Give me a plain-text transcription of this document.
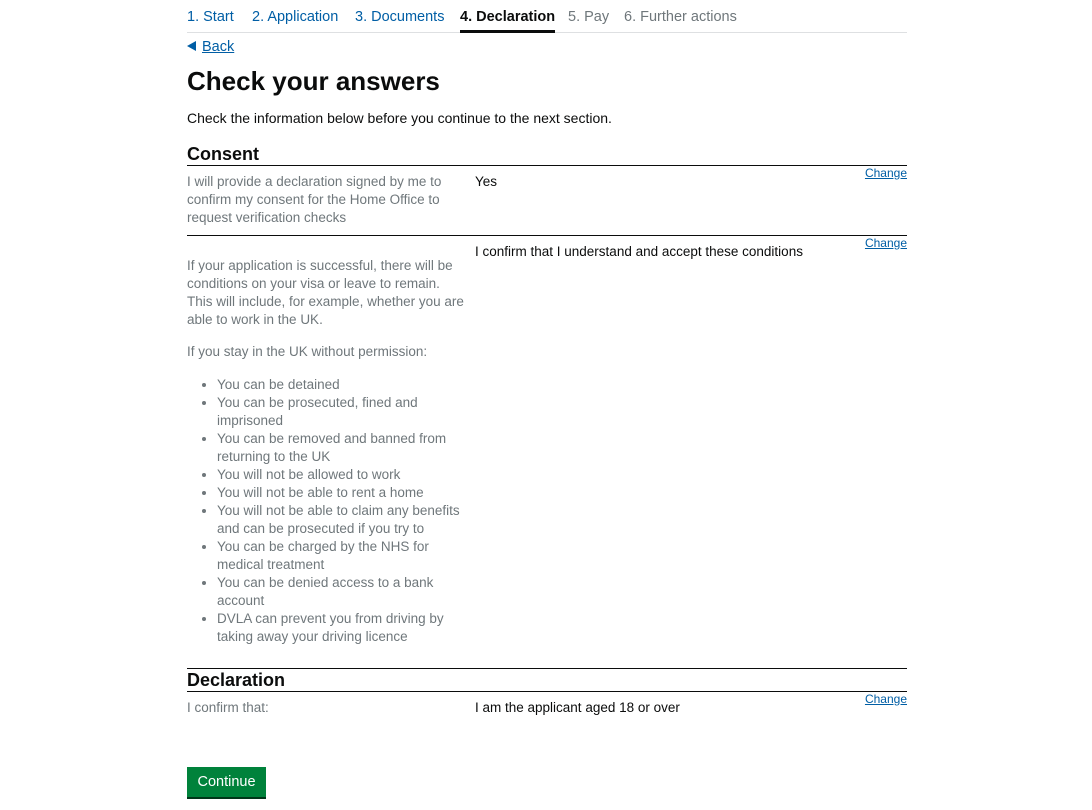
1. Start 2. Application 3. Documents 4. Declaration 5. Pay 6. Further actions
Back
Check your answers

Check the information below before you continue to the next section.

Consent
I will provide a declaration signed by me to confirm my consent for the Home Office to request verification checks
Yes
Change

If your application is successful, there will be conditions on your visa or leave to remain. This will include, for example, whether you are able to work in the UK.

If you stay in the UK without permission:

• You can be detained
• You can be prosecuted, fined and imprisoned
• You can be removed and banned from returning to the UK
• You will not be allowed to work
• You will not be able to rent a home
• You will not be able to claim any benefits and can be prosecuted if you try to
• You can be charged by the NHS for medical treatment
• You can be denied access to a bank account
• DVLA can prevent you from driving by taking away your driving licence
I confirm that I understand and accept these conditions
Change
Declaration
I confirm that:	I am the applicant aged 18 or over
Change
Continue
